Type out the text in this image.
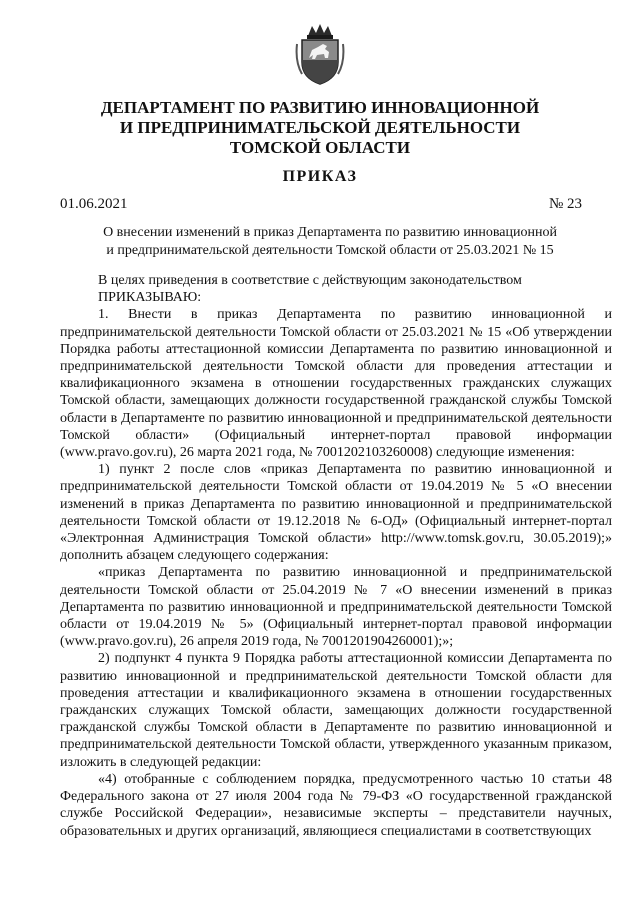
ДЕПАРТАМЕНТ ПО РАЗВИТИЮ ИННОВАЦИОННОЙ
И ПРЕДПРИНИМАТЕЛЬСКОЙ ДЕЯТЕЛЬНОСТИ
ТОМСКОЙ ОБЛАСТИ
ПРИКАЗ
01.06.2021	№ 23
О внесении изменений в приказ Департамента по развитию инновационной
и предпринимательской деятельности Томской области от 25.03.2021 № 15

В целях приведения в соответствие с действующим законодательством

ПРИКАЗЫВАЮ:

1. Внести в приказ Департамента по развитию инновационной и предпринимательской деятельности Томской области от 25.03.2021 № 15 «Об утверждении Порядка работы аттестационной комиссии Департамента по развитию инновационной и предпринимательской деятельности Томской области для проведения аттестации и квалификационного экзамена в отношении государственных гражданских служащих Томской области, замещающих должности государственной гражданской службы Томской области в Департаменте по развитию инновационной и предпринимательской деятельности Томской области» (Официальный интернет-портал правовой информации (www.pravo.gov.ru), 26 марта 2021 года, № 7001202103260008) следующие изменения:

1) пункт 2 после слов «приказ Департамента по развитию инновационной и предпринимательской деятельности Томской области от 19.04.2019 № 5 «О внесении изменений в приказ Департамента по развитию инновационной и предпринимательской деятельности Томской области от 19.12.2018 № 6-ОД» (Официальный интернет-портал «Электронная Администрация Томской области» http://www.tomsk.gov.ru, 30.05.2019);» дополнить абзацем следующего содержания:

«приказ Департамента по развитию инновационной и предпринимательской деятельности Томской области от 25.04.2019 № 7 «О внесении изменений в приказ Департамента по развитию инновационной и предпринимательской деятельности Томской области от 19.04.2019 № 5» (Официальный интернет-портал правовой информации (www.pravo.gov.ru), 26 апреля 2019 года, № 7001201904260001);»;

2) подпункт 4 пункта 9 Порядка работы аттестационной комиссии Департамента по развитию инновационной и предпринимательской деятельности Томской области для проведения аттестации и квалификационного экзамена в отношении государственных гражданских служащих Томской области, замещающих должности государственной гражданской службы Томской области в Департаменте по развитию инновационной и предпринимательской деятельности Томской области, утвержденного указанным приказом, изложить в следующей редакции:

«4) отобранные с соблюдением порядка, предусмотренного частью 10 статьи 48 Федерального закона от 27 июля 2004 года № 79-ФЗ «О государственной гражданской службе Российской Федерации», независимые эксперты – представители научных, образовательных и других организаций, являющиеся специалистами в соответствующих
